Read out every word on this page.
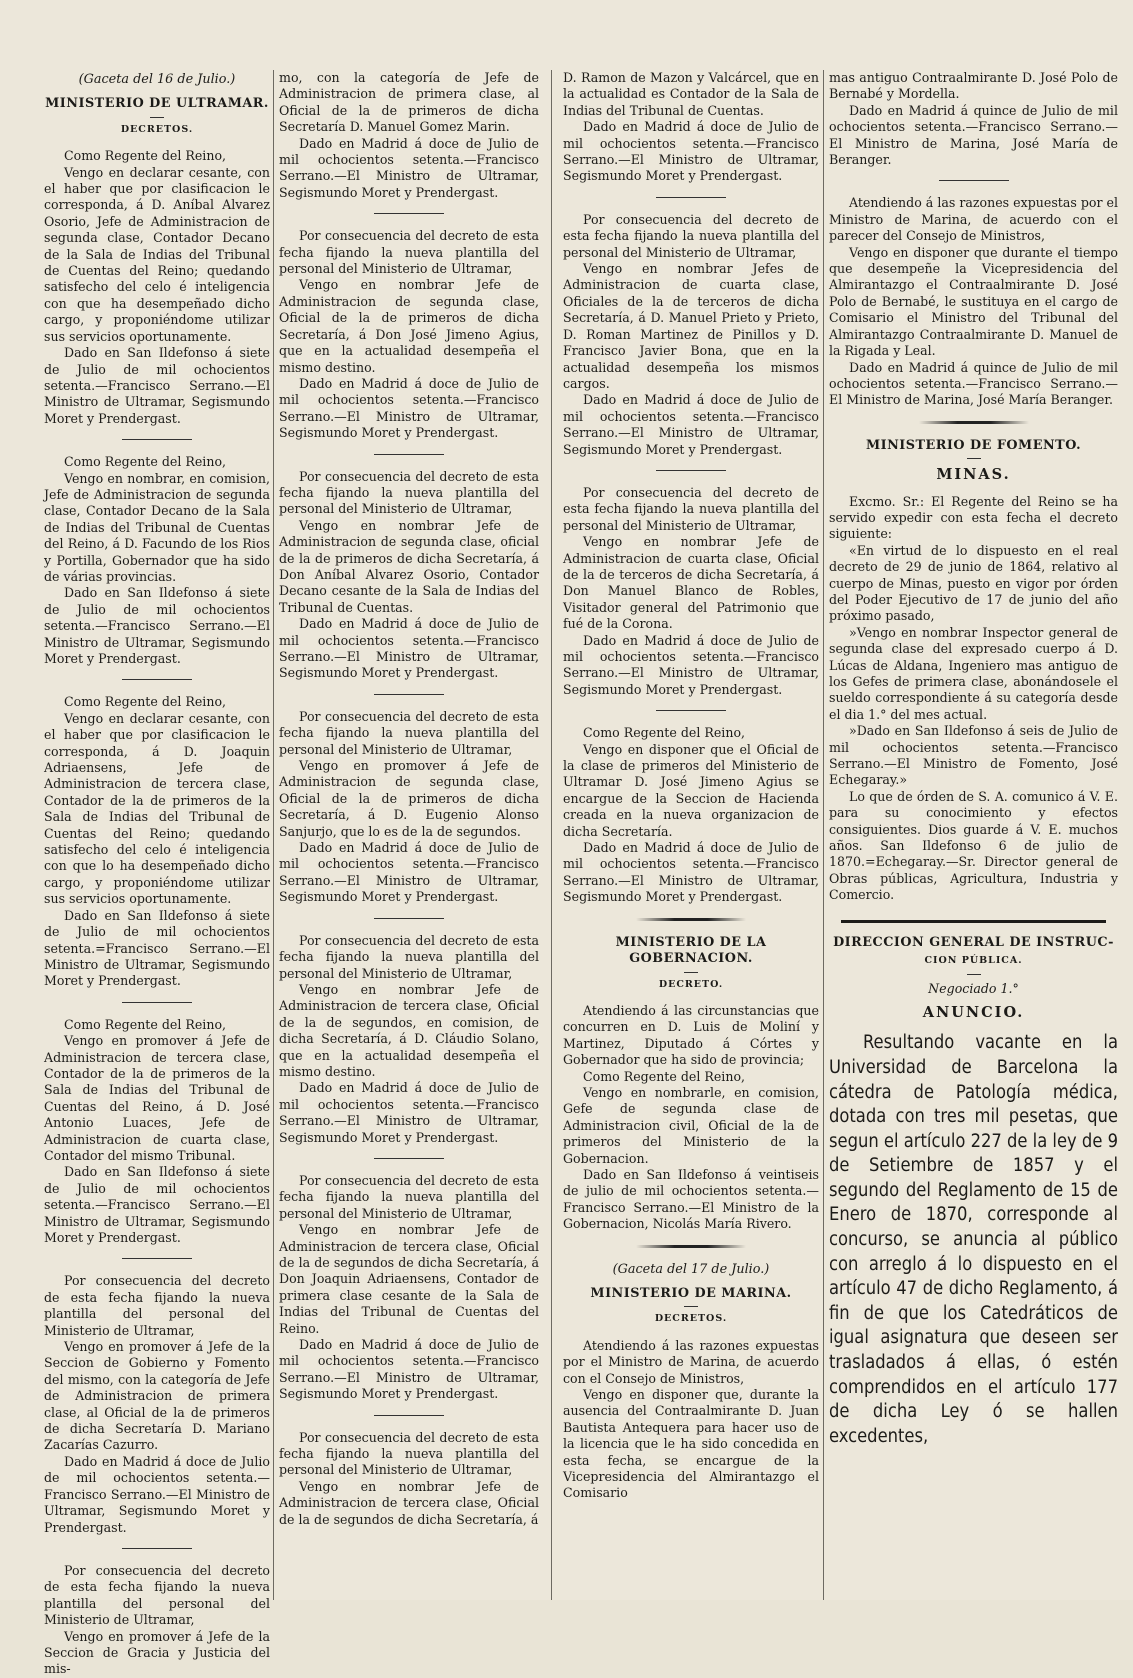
(Gaceta del 16 de Julio.)
MINISTERIO DE ULTRAMAR.
DECRETOS.

Como Regente del Reino,

Vengo en declarar cesante, con el haber que por clasificacion le corresponda, á D. Aníbal Alvarez Osorio, Jefe de Administracion de segunda clase, Contador Decano de la Sala de Indias del Tribunal de Cuentas del Reino; quedando satisfecho del celo é inteligencia con que ha desempeñado dicho cargo, y proponiéndome utilizar sus servicios oportunamente.

Dado en San Ildefonso á siete de Julio de mil ochocientos setenta.—Francisco Serrano.—El Ministro de Ultramar, Segismundo Moret y Prendergast.

Como Regente del Reino,

Vengo en nombrar, en comision, Jefe de Administracion de segunda clase, Contador Decano de la Sala de Indias del Tribunal de Cuentas del Reino, á D. Facundo de los Rios y Portilla, Gobernador que ha sido de várias provincias.

Dado en San Ildefonso á siete de Julio de mil ochocientos setenta.—Francisco Serrano.—El Ministro de Ultramar, Segismundo Moret y Prendergast.

Como Regente del Reino,

Vengo en declarar cesante, con el haber que por clasificacion le corresponda, á D. Joaquin Adriaensens, Jefe de Administracion de tercera clase, Contador de la de primeros de la Sala de Indias del Tribunal de Cuentas del Reino; quedando satisfecho del celo é inteligencia con que lo ha desempeñado dicho cargo, y proponiéndome utilizar sus servicios oportunamente.

Dado en San Ildefonso á siete de Julio de mil ochocientos setenta.=Francisco Serrano.—El Ministro de Ultramar, Segismundo Moret y Prendergast.

Como Regente del Reino,

Vengo en promover á Jefe de Administracion de tercera clase, Contador de la de primeros de la Sala de Indias del Tribunal de Cuentas del Reino, á D. José Antonio Luaces, Jefe de Administracion de cuarta clase, Contador del mismo Tribunal.

Dado en San Ildefonso á siete de Julio de mil ochocientos setenta.—Francisco Serrano.—El Ministro de Ultramar, Segismundo Moret y Prendergast.

Por consecuencia del decreto de esta fecha fijando la nueva plantilla del personal del Ministerio de Ultramar,

Vengo en promover á Jefe de la Seccion de Gobierno y Fomento del mismo, con la categoría de Jefe de Administracion de primera clase, al Oficial de la de primeros de dicha Secretaría D. Mariano Zacarías Cazurro.

Dado en Madrid á doce de Julio de mil ochocientos setenta.—Francisco Serrano.—El Ministro de Ultramar, Segismundo Moret y Prendergast.

Por consecuencia del decreto de esta fecha fijando la nueva plantilla del personal del Ministerio de Ultramar,

Vengo en promover á Jefe de la Seccion de Gracia y Justicia del mis-

mo, con la categoría de Jefe de Administracion de primera clase, al Oficial de la de primeros de dicha Secretaría D. Manuel Gomez Marin.

Dado en Madrid á doce de Julio de mil ochocientos setenta.—Francisco Serrano.—El Ministro de Ultramar, Segismundo Moret y Prendergast.

Por consecuencia del decreto de esta fecha fijando la nueva plantilla del personal del Ministerio de Ultramar,

Vengo en nombrar Jefe de Administracion de segunda clase, Oficial de la de primeros de dicha Secretaría, á Don José Jimeno Agius, que en la actualidad desempeña el mismo destino.

Dado en Madrid á doce de Julio de mil ochocientos setenta.—Francisco Serrano.—El Ministro de Ultramar, Segismundo Moret y Prendergast.

Por consecuencia del decreto de esta fecha fijando la nueva plantilla del personal del Ministerio de Ultramar,

Vengo en nombrar Jefe de Administracion de segunda clase, oficial de la de primeros de dicha Secretaría, á Don Aníbal Alvarez Osorio, Contador Decano cesante de la Sala de Indias del Tribunal de Cuentas.

Dado en Madrid á doce de Julio de mil ochocientos setenta.—Francisco Serrano.—El Ministro de Ultramar, Segismundo Moret y Prendergast.

Por consecuencia del decreto de esta fecha fijando la nueva plantilla del personal del Ministerio de Ultramar,

Vengo en promover á Jefe de Administracion de segunda clase, Oficial de la de primeros de dicha Secretaría, á D. Eugenio Alonso Sanjurjo, que lo es de la de segundos.

Dado en Madrid á doce de Julio de mil ochocientos setenta.—Francisco Serrano.—El Ministro de Ultramar, Segismundo Moret y Prendergast.

Por consecuencia del decreto de esta fecha fijando la nueva plantilla del personal del Ministerio de Ultramar,

Vengo en nombrar Jefe de Administracion de tercera clase, Oficial de la de segundos, en comision, de dicha Secretaría, á D. Cláudio Solano, que en la actualidad desempeña el mismo destino.

Dado en Madrid á doce de Julio de mil ochocientos setenta.—Francisco Serrano.—El Ministro de Ultramar, Segismundo Moret y Prendergast.

Por consecuencia del decreto de esta fecha fijando la nueva plantilla del personal del Ministerio de Ultramar,

Vengo en nombrar Jefe de Administracion de tercera clase, Oficial de la de segundos de dicha Secretaría, á Don Joaquin Adriaensens, Contador de primera clase cesante de la Sala de Indias del Tribunal de Cuentas del Reino.

Dado en Madrid á doce de Julio de mil ochocientos setenta.—Francisco Serrano.—El Ministro de Ultramar, Segismundo Moret y Prendergast.

Por consecuencia del decreto de esta fecha fijando la nueva plantilla del personal del Ministerio de Ultramar,

Vengo en nombrar Jefe de Administracion de tercera clase, Oficial de la de segundos de dicha Secretaría, á

D. Ramon de Mazon y Valcárcel, que en la actualidad es Contador de la Sala de Indias del Tribunal de Cuentas.

Dado en Madrid á doce de Julio de mil ochocientos setenta.—Francisco Serrano.—El Ministro de Ultramar, Segismundo Moret y Prendergast.

Por consecuencia del decreto de esta fecha fijando la nueva plantilla del personal del Ministerio de Ultramar,

Vengo en nombrar Jefes de Administracion de cuarta clase, Oficiales de la de terceros de dicha Secretaría, á D. Manuel Prieto y Prieto, D. Roman Martinez de Pinillos y D. Francisco Javier Bona, que en la actualidad desempeña los mismos cargos.

Dado en Madrid á doce de Julio de mil ochocientos setenta.—Francisco Serrano.—El Ministro de Ultramar, Segismundo Moret y Prendergast.

Por consecuencia del decreto de esta fecha fijando la nueva plantilla del personal del Ministerio de Ultramar,

Vengo en nombrar Jefe de Administracion de cuarta clase, Oficial de la de terceros de dicha Secretaría, á Don Manuel Blanco de Robles, Visitador general del Patrimonio que fué de la Corona.

Dado en Madrid á doce de Julio de mil ochocientos setenta.—Francisco Serrano.—El Ministro de Ultramar, Segismundo Moret y Prendergast.

Como Regente del Reino,

Vengo en disponer que el Oficial de la clase de primeros del Ministerio de Ultramar D. José Jimeno Agius se encargue de la Seccion de Hacienda creada en la nueva organizacion de dicha Secretaría.

Dado en Madrid á doce de Julio de mil ochocientos setenta.—Francisco Serrano.—El Ministro de Ultramar, Segismundo Moret y Prendergast.

MINISTERIO DE LA GOBERNACION.
DECRETO.

Atendiendo á las circunstancias que concurren en D. Luis de Moliní y Martinez, Diputado á Córtes y Gobernador que ha sido de provincia;

Como Regente del Reino,

Vengo en nombrarle, en comision, Gefe de segunda clase de Administracion civil, Oficial de la de primeros del Ministerio de la Gobernacion.

Dado en San Ildefonso á veintiseis de julio de mil ochocientos setenta.—Francisco Serrano.—El Ministro de la Gobernacion, Nicolás María Rivero.

(Gaceta del 17 de Julio.)
MINISTERIO DE MARINA.
DECRETOS.

Atendiendo á las razones expuestas por el Ministro de Marina, de acuerdo con el Consejo de Ministros,

Vengo en disponer que, durante la ausencia del Contraalmirante D. Juan Bautista Antequera para hacer uso de la licencia que le ha sido concedida en esta fecha, se encargue de la Vicepresidencia del Almirantazgo el Comisario

mas antiguo Contraalmirante D. José Polo de Bernabé y Mordella.

Dado en Madrid á quince de Julio de mil ochocientos setenta.—Francisco Serrano.—El Ministro de Marina, José María de Beranger.

Atendiendo á las razones expuestas por el Ministro de Marina, de acuerdo con el parecer del Consejo de Ministros,

Vengo en disponer que durante el tiempo que desempeñe la Vicepresidencia del Almirantazgo el Contraalmirante D. José Polo de Bernabé, le sustituya en el cargo de Comisario el Ministro del Tribunal del Almirantazgo Contraalmirante D. Manuel de la Rigada y Leal.

Dado en Madrid á quince de Julio de mil ochocientos setenta.—Francisco Serrano.—El Ministro de Marina, José María Beranger.

MINISTERIO DE FOMENTO.
MINAS.

Excmo. Sr.: El Regente del Reino se ha servido expedir con esta fecha el decreto siguiente:

«En virtud de lo dispuesto en el real decreto de 29 de junio de 1864, relativo al cuerpo de Minas, puesto en vigor por órden del Poder Ejecutivo de 17 de junio del año próximo pasado,

»Vengo en nombrar Inspector general de segunda clase del expresado cuerpo á D. Lúcas de Aldana, Ingeniero mas antiguo de los Gefes de primera clase, abonándosele el sueldo correspondiente á su categoría desde el dia 1.° del mes actual.

»Dado en San Ildefonso á seis de Julio de mil ochocientos setenta.—Francisco Serrano.—El Ministro de Fomento, José Echegaray.»

Lo que de órden de S. A. comunico á V. E. para su conocimiento y efectos consiguientes. Dios guarde á V. E. muchos años. San Ildefonso 6 de julio de 1870.=Echegaray.—Sr. Director general de Obras públicas, Agricultura, Industria y Comercio.

DIRECCION GENERAL DE INSTRUC-
CION PÚBLICA.
Negociado 1.°
ANUNCIO.

Resultando vacante en la Universidad de Barcelona la cátedra de Patología médica, dotada con tres mil pesetas, que segun el artículo 227 de la ley de 9 de Setiembre de 1857 y el segundo del Reglamento de 15 de Enero de 1870, corresponde al concurso, se anuncia al público con arreglo á lo dispuesto en el artículo 47 de dicho Reglamento, á fin de que los Catedráticos de igual asignatura que deseen ser trasladados á ellas, ó estén comprendidos en el artículo 177 de dicha Ley ó se hallen excedentes,
